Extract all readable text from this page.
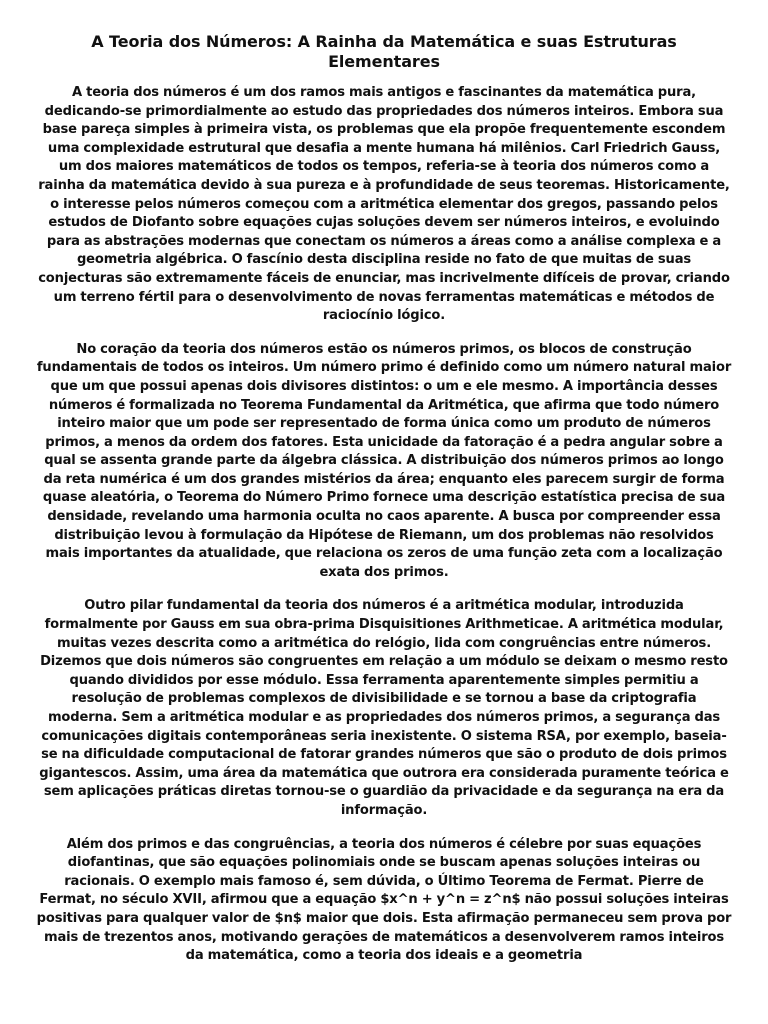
A Teoria dos Números: A Rainha da Matemática e suas Estruturas Elementares

A teoria dos números é um dos ramos mais antigos e fascinantes da matemática pura, dedicando-se primordialmente ao estudo das propriedades dos números inteiros. Embora sua base pareça simples à primeira vista, os problemas que ela propõe frequentemente escondem uma complexidade estrutural que desafia a mente humana há milênios. Carl Friedrich Gauss, um dos maiores matemáticos de todos os tempos, referia-se à teoria dos números como a rainha da matemática devido à sua pureza e à profundidade de seus teoremas. Historicamente, o interesse pelos números começou com a aritmética elementar dos gregos, passando pelos estudos de Diofanto sobre equações cujas soluções devem ser números inteiros, e evoluindo para as abstrações modernas que conectam os números a áreas como a análise complexa e a geometria algébrica. O fascínio desta disciplina reside no fato de que muitas de suas conjecturas são extremamente fáceis de enunciar, mas incrivelmente difíceis de provar, criando um terreno fértil para o desenvolvimento de novas ferramentas matemáticas e métodos de raciocínio lógico.

No coração da teoria dos números estão os números primos, os blocos de construção fundamentais de todos os inteiros. Um número primo é definido como um número natural maior que um que possui apenas dois divisores distintos: o um e ele mesmo. A importância desses números é formalizada no Teorema Fundamental da Aritmética, que afirma que todo número inteiro maior que um pode ser representado de forma única como um produto de números primos, a menos da ordem dos fatores. Esta unicidade da fatoração é a pedra angular sobre a qual se assenta grande parte da álgebra clássica. A distribuição dos números primos ao longo da reta numérica é um dos grandes mistérios da área; enquanto eles parecem surgir de forma quase aleatória, o Teorema do Número Primo fornece uma descrição estatística precisa de sua densidade, revelando uma harmonia oculta no caos aparente. A busca por compreender essa distribuição levou à formulação da Hipótese de Riemann, um dos problemas não resolvidos mais importantes da atualidade, que relaciona os zeros de uma função zeta com a localização exata dos primos.

Outro pilar fundamental da teoria dos números é a aritmética modular, introduzida formalmente por Gauss em sua obra-prima Disquisitiones Arithmeticae. A aritmética modular, muitas vezes descrita como a aritmética do relógio, lida com congruências entre números. Dizemos que dois números são congruentes em relação a um módulo se deixam o mesmo resto quando divididos por esse módulo. Essa ferramenta aparentemente simples permitiu a resolução de problemas complexos de divisibilidade e se tornou a base da criptografia moderna. Sem a aritmética modular e as propriedades dos números primos, a segurança das comunicações digitais contemporâneas seria inexistente. O sistema RSA, por exemplo, baseia-se na dificuldade computacional de fatorar grandes números que são o produto de dois primos gigantescos. Assim, uma área da matemática que outrora era considerada puramente teórica e sem aplicações práticas diretas tornou-se o guardião da privacidade e da segurança na era da informação.

Além dos primos e das congruências, a teoria dos números é célebre por suas equações diofantinas, que são equações polinomiais onde se buscam apenas soluções inteiras ou racionais. O exemplo mais famoso é, sem dúvida, o Último Teorema de Fermat. Pierre de Fermat, no século XVII, afirmou que a equação $x^n + y^n = z^n$ não possui soluções inteiras positivas para qualquer valor de $n$ maior que dois. Esta afirmação permaneceu sem prova por mais de trezentos anos, motivando gerações de matemáticos a desenvolverem ramos inteiros da matemática, como a teoria dos ideais e a geometria
